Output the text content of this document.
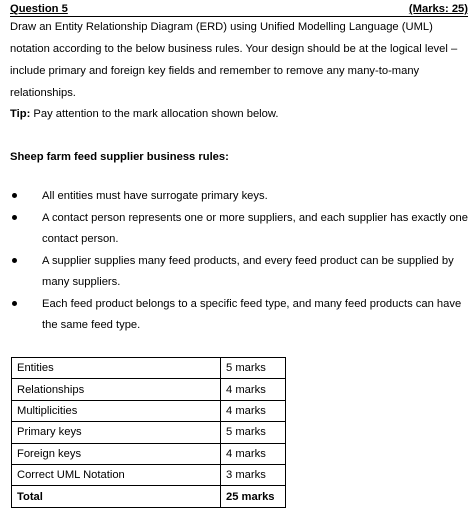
Question 5	(Marks: 25)
Draw an Entity Relationship Diagram (ERD) using Unified Modelling Language (UML) notation according to the below business rules. Your design should be at the logical level – include primary and foreign key fields and remember to remove any many-to-many relationships.
Tip: Pay attention to the mark allocation shown below.
Sheep farm feed supplier business rules:
All entities must have surrogate primary keys.
A contact person represents one or more suppliers, and each supplier has exactly one contact person.
A supplier supplies many feed products, and every feed product can be supplied by many suppliers.
Each feed product belongs to a specific feed type, and many feed products can have the same feed type.
Entities	5 marks
Relationships	4 marks
Multiplicities	4 marks
Primary keys	5 marks
Foreign keys	4 marks
Correct UML Notation	3 marks
Total	25 marks
